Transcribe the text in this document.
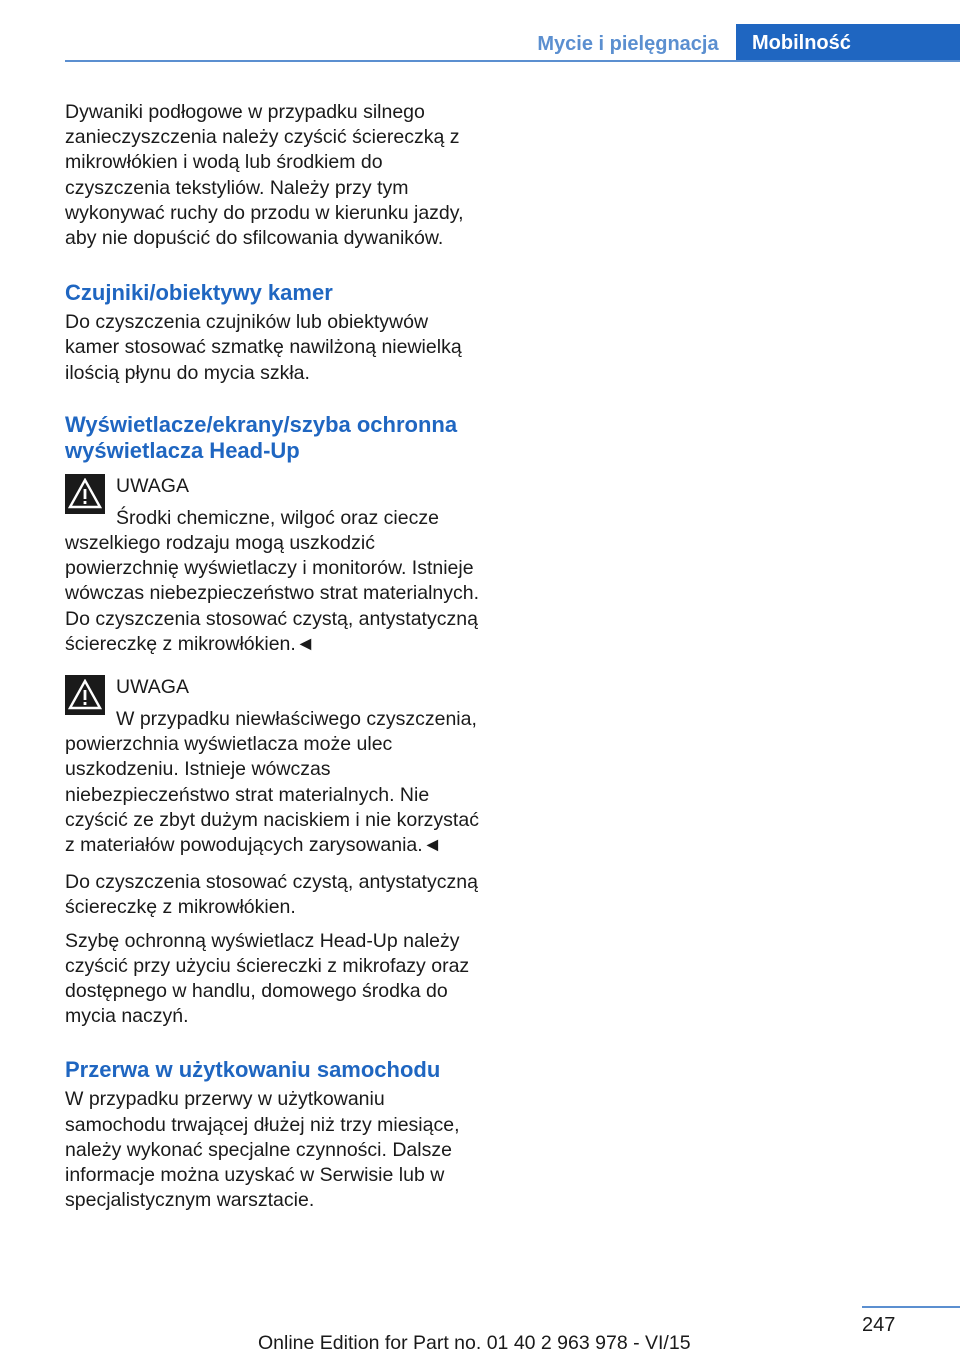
Mycie i pielęgnacja	Mobilność

Dywaniki podłogowe w przypadku silnego zanieczyszczenia należy czyścić ściereczką z mikrowłókien i wodą lub środkiem do czyszczenia tekstyliów. Należy przy tym wykonywać ruchy do przodu w kierunku jazdy, aby nie dopuścić do sfilcowania dywaników.

Czujniki/obiektywy kamer

Do czyszczenia czujników lub obiektywów kamer stosować szmatkę nawilżoną niewielką ilością płynu do mycia szkła.

Wyświetlacze/ekrany/szyba ochronna wyświetlacza Head-Up
UWAGA

Środki chemiczne, wilgoć oraz ciecze wszelkiego rodzaju mogą uszkodzić powierzchnię wyświetlaczy i monitorów. Istnieje wówczas niebezpieczeństwo strat materialnych. Do czyszczenia stosować czystą, antystatyczną ściereczkę z mikrowłókien.◄

UWAGA

W przypadku niewłaściwego czyszczenia, powierzchnia wyświetlacza może ulec uszkodzeniu. Istnieje wówczas niebezpieczeństwo strat materialnych. Nie czyścić ze zbyt dużym naciskiem i nie korzystać z materiałów powodujących zarysowania.◄

Do czyszczenia stosować czystą, antystatyczną ściereczkę z mikrowłókien.

Szybę ochronną wyświetlacz Head-Up należy czyścić przy użyciu ściereczki z mikrofazy oraz dostępnego w handlu, domowego środka do mycia naczyń.

Przerwa w użytkowaniu samochodu

W przypadku przerwy w użytkowaniu samochodu trwającej dłużej niż trzy miesiące, należy wykonać specjalne czynności. Dalsze informacje można uzyskać w Serwisie lub w specjalistycznym warsztacie.

247
Online Edition for Part no. 01 40 2 963 978 - VI/15
